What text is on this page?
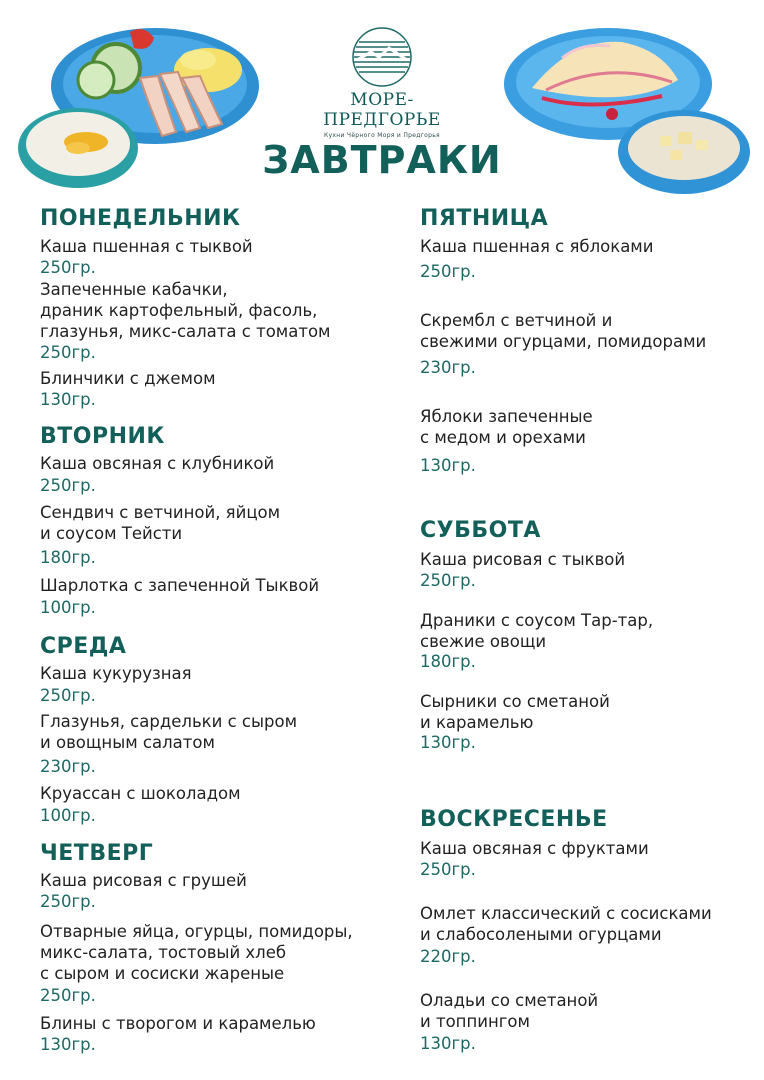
МОРЕ-ПРЕДГОРЬЕ
Кухни Чёрного Моря и Предгорья
ЗАВТРАКИ
ПОНЕДЕЛЬНИК
Каша пшенная с тыквой
250гр.
Запеченные кабачки,
драник картофельный, фасоль,
глазунья, микс-салата с томатом
250гр.
Блинчики с джемом
130гр.
ВТОРНИК
Каша овсяная с клубникой
250гр.
Сендвич с ветчиной, яйцом
и соусом Тейсти
180гр.
Шарлотка с запеченной Тыквой
100гр.
СРЕДА
Каша кукурузная
250гр.
Глазунья, сардельки с сыром
и овощным салатом
230гр.
Круассан с шоколадом
100гр.
ЧЕТВЕРГ
Каша рисовая с грушей
250гр.
Отварные яйца, огурцы, помидоры,
микс-салата, тостовый хлеб
с сыром и сосиски жареные
250гр.
Блины с творогом и карамелью
130гр.
ПЯТНИЦА
Каша пшенная с яблоками
250гр.
Скрембл с ветчиной и
свежими огурцами, помидорами
230гр.
Яблоки запеченные
с медом и орехами
130гр.
СУББОТА
Каша рисовая с тыквой
250гр.
Драники с соусом Тар-тар,
свежие овощи
180гр.
Сырники со сметаной
и карамелью
130гр.
ВОСКРЕСЕНЬЕ
Каша овсяная с фруктами
250гр.
Омлет классический с сосисками
и слабосолеными огурцами
220гр.
Оладьи со сметаной
и топпингом
130гр.
